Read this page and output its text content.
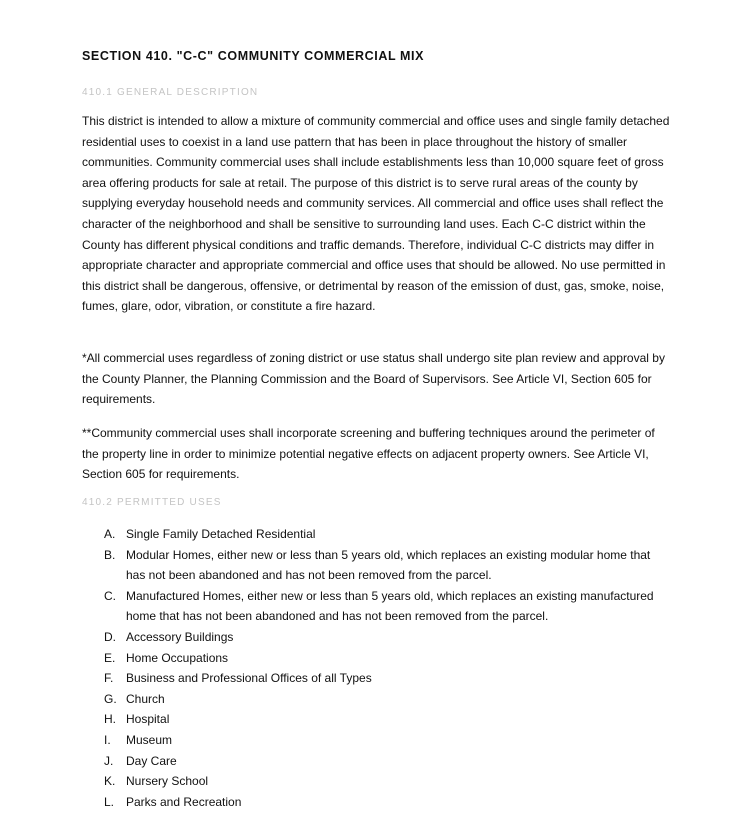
SECTION 410. "C-C" COMMUNITY COMMERCIAL MIX
410.1 GENERAL DESCRIPTION

This district is intended to allow a mixture of community commercial and office uses and single family detached residential uses to coexist in a land use pattern that has been in place throughout the history of smaller communities. Community commercial uses shall include establishments less than 10,000 square feet of gross area offering products for sale at retail. The purpose of this district is to serve rural areas of the county by supplying everyday household needs and community services. All commercial and office uses shall reflect the character of the neighborhood and shall be sensitive to surrounding land uses. Each C-C district within the County has different physical conditions and traffic demands. Therefore, individual C-C districts may differ in appropriate character and appropriate commercial and office uses that should be allowed. No use permitted in this district shall be dangerous, offensive, or detrimental by reason of the emission of dust, gas, smoke, noise, fumes, glare, odor, vibration, or constitute a fire hazard.

*All commercial uses regardless of zoning district or use status shall undergo site plan review and approval by the County Planner, the Planning Commission and the Board of Supervisors. See Article VI, Section 605 for requirements.

**Community commercial uses shall incorporate screening and buffering techniques around the perimeter of the property line in order to minimize potential negative effects on adjacent property owners. See Article VI, Section 605 for requirements.

410.2 PERMITTED USES
A. Single Family Detached Residential
B. Modular Homes, either new or less than 5 years old, which replaces an existing modular home that has not been abandoned and has not been removed from the parcel.
C. Manufactured Homes, either new or less than 5 years old, which replaces an existing manufactured home that has not been abandoned and has not been removed from the parcel.
D. Accessory Buildings
E. Home Occupations
F.	Business and Professional Offices of all Types
G. Church
H. Hospital
I.	Museum
J.	Day Care
K. Nursery School
L. Parks and Recreation
